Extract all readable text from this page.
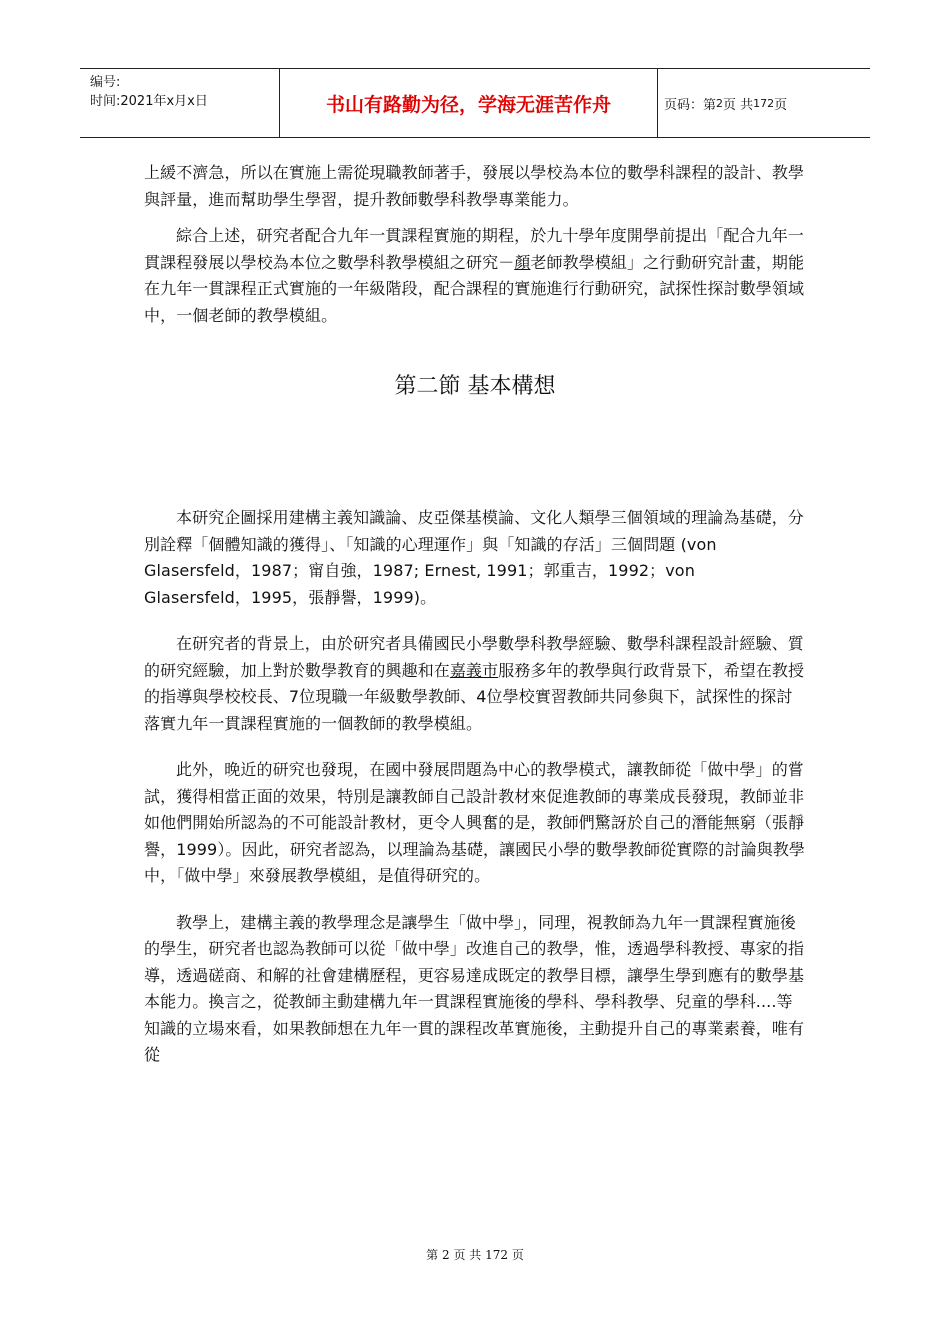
编号:
时间:2021年x月x日	书山有路勤为径，学海无涯苦作舟	页码：第 2 页 共 172 页

上緩不濟急，所以在實施上需從現職教師著手，發展以學校為本位的數學科課程的設計、教學與評量，進而幫助學生學習，提升教師數學科教學專業能力。

綜合上述，研究者配合九年一貫課程實施的期程，於九十學年度開學前提出「配合九年一貫課程發展以學校為本位之數學科教學模組之研究－顏老師教學模組」之行動研究計畫，期能在九年一貫課程正式實施的一年級階段，配合課程的實施進行行動研究，試探性探討數學領域中，一個老師的教學模組。

第二節 基本構想

本研究企圖採用建構主義知識論、皮亞傑基模論、文化人類學三個領域的理論為基礎，分別詮釋「個體知識的獲得」、「知識的心理運作」與「知識的存活」三個問題 (von Glasersfeld，1987；甯自強，1987; Ernest, 1991；郭重吉，1992；von Glasersfeld，1995，張靜譽，1999)。

在研究者的背景上，由於研究者具備國民小學數學科教學經驗、數學科課程設計經驗、質的研究經驗，加上對於數學教育的興趣和在嘉義市服務多年的教學與行政背景下，希望在教授的指導與學校校長、7位現職一年級數學教師、4位學校實習教師共同參與下，試探性的探討落實九年一貫課程實施的一個教師的教學模組。

此外，晚近的研究也發現，在國中發展問題為中心的教學模式，讓教師從「做中學」的嘗試，獲得相當正面的效果，特別是讓教師自己設計教材來促進教師的專業成長發現，教師並非如他們開始所認為的不可能設計教材，更令人興奮的是，教師們驚訝於自己的潛能無窮（張靜譽，1999）。因此，研究者認為，以理論為基礎，讓國民小學的數學教師從實際的討論與教學中，「做中學」來發展教學模組，是值得研究的。

教學上，建構主義的教學理念是讓學生「做中學」，同理，視教師為九年一貫課程實施後的學生，研究者也認為教師可以從「做中學」改進自己的教學，惟，透過學科教授、專家的指導，透過磋商、和解的社會建構歷程，更容易達成既定的教學目標，讓學生學到應有的數學基本能力。換言之，從教師主動建構九年一貫課程實施後的學科、學科教學、兒童的學科....等知識的立場來看，如果教師想在九年一貫的課程改革實施後，主動提升自己的專業素養，唯有從

第 2 页 共 172 页
